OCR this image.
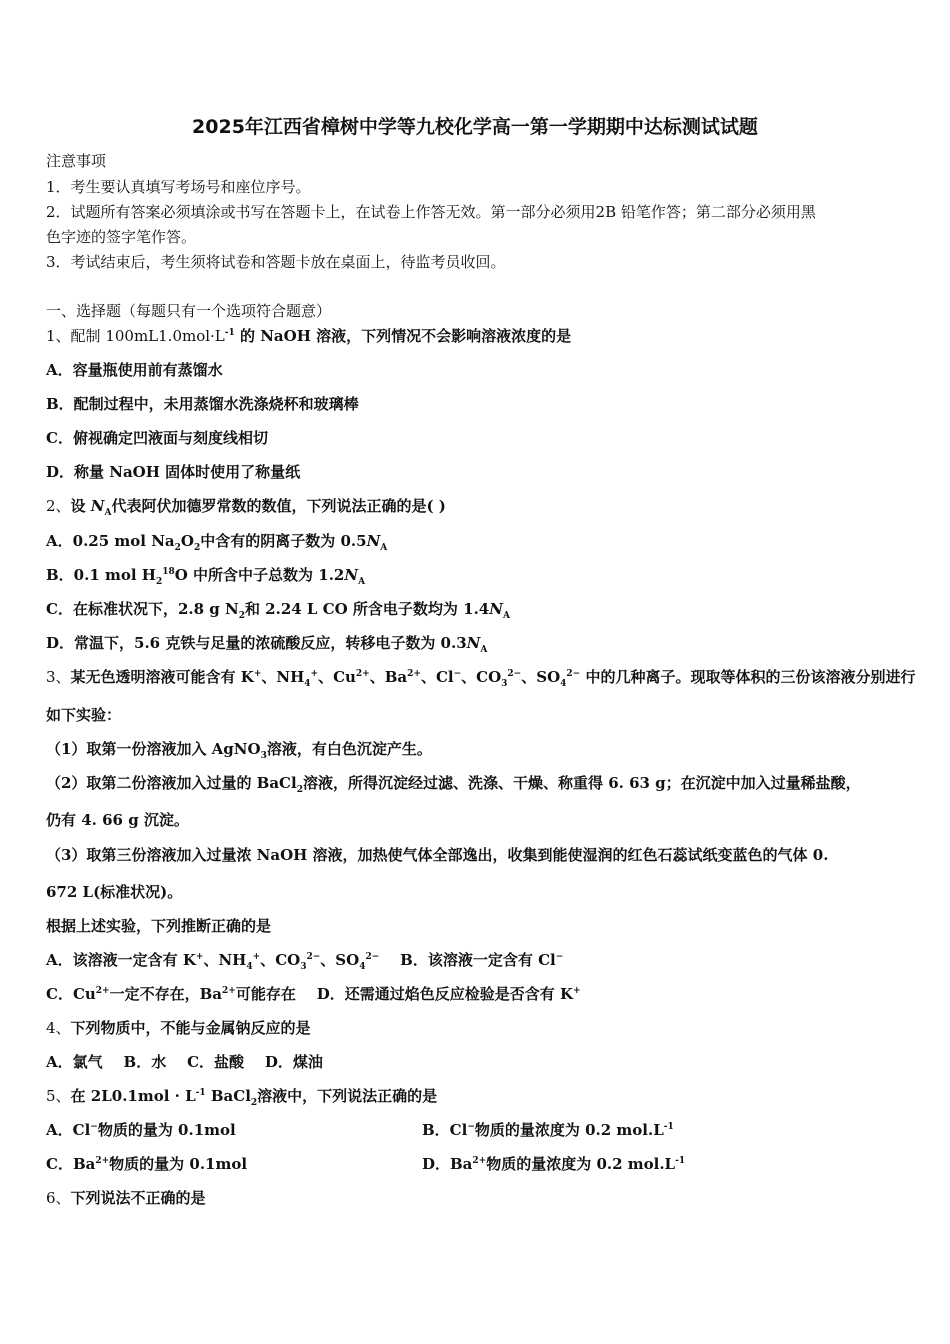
2025年江西省樟树中学等九校化学高一第一学期期中达标测试试题
注意事项
1．考生要认真填写考场号和座位序号。
2．试题所有答案必须填涂或书写在答题卡上，在试卷上作答无效。第一部分必须用2B 铅笔作答；第二部分必须用黑
色字迹的签字笔作答。
3．考试结束后，考生须将试卷和答题卡放在桌面上，待监考员收回。
一、选择题（每题只有一个选项符合题意）
1、配制 $100mL1.0mol\cdot L^{-1}$ 的 NaOH 溶液，下列情况不会影响溶液浓度的是
A．容量瓶使用前有蒸馏水
B．配制过程中，未用蒸馏水洗涤烧杯和玻璃棒
C．俯视确定凹液面与刻度线相切
D．称量 NaOH 固体时使用了称量纸
2、设 $N_A$代表阿伏加德罗常数的数值，下列说法正确的是( )
A．0.25 mol $Na_2O_2$中含有的阴离子数为 $0.5N_A$
B．0.1 mol $H_2^{18}O$ 中所含中子总数为 $1.2N_A$
C．在标准状况下，2.8 g $N_2$和 2.24 L CO 所含电子数均为 $1.4N_A$
D．常温下，5.6 克铁与足量的浓硫酸反应，转移电子数为 $0.3N_A$
3、某无色透明溶液可能含有 K+、$NH_4^+$、$Cu^{2+}$、$Ba^{2+}$、Cl−、$CO_3^{2-}$、$SO_4^{2-}$ 中的几种离子。现取等体积的三份该溶液分别进行
如下实验：
（1）取第一份溶液加入 AgNO$_3$溶液，有白色沉淀产生。
（2）取第二份溶液加入过量的 BaCl$_2$溶液，所得沉淀经过滤、洗涤、干燥、称重得 6. 63 g；在沉淀中加入过量稀盐酸，
仍有 4. 66 g 沉淀。
（3）取第三份溶液加入过量浓 NaOH 溶液，加热使气体全部逸出，收集到能使湿润的红色石蕊试纸变蓝色的气体 0.
672 L(标准状况)。
根据上述实验，下列推断正确的是
A．该溶液一定含有 K+、$NH_4^+$、$CO_3^{2-}$、$SO_4^{2-}$ B．该溶液一定含有 Cl−
C．$Cu^{2+}$一定不存在，$Ba^{2+}$可能存在 D．还需通过焰色反应检验是否含有 K+
4、下列物质中，不能与金属钠反应的是
A．氯气    B．水    C．盐酸    D．煤油
5、在 $2L0.1mol \cdot L^{-1}$ BaCl$_2$溶液中，下列说法正确的是
A．Cl−物质的量为 0.1mol	B．Cl−物质的量浓度为 0.2 $mol.L^{-1}$
C．$Ba^{2+}$物质的量为 0.1mol	D．$Ba^{2+}$物质的量浓度为 0.2 $mol.L^{-1}$
6、下列说法不正确的是
